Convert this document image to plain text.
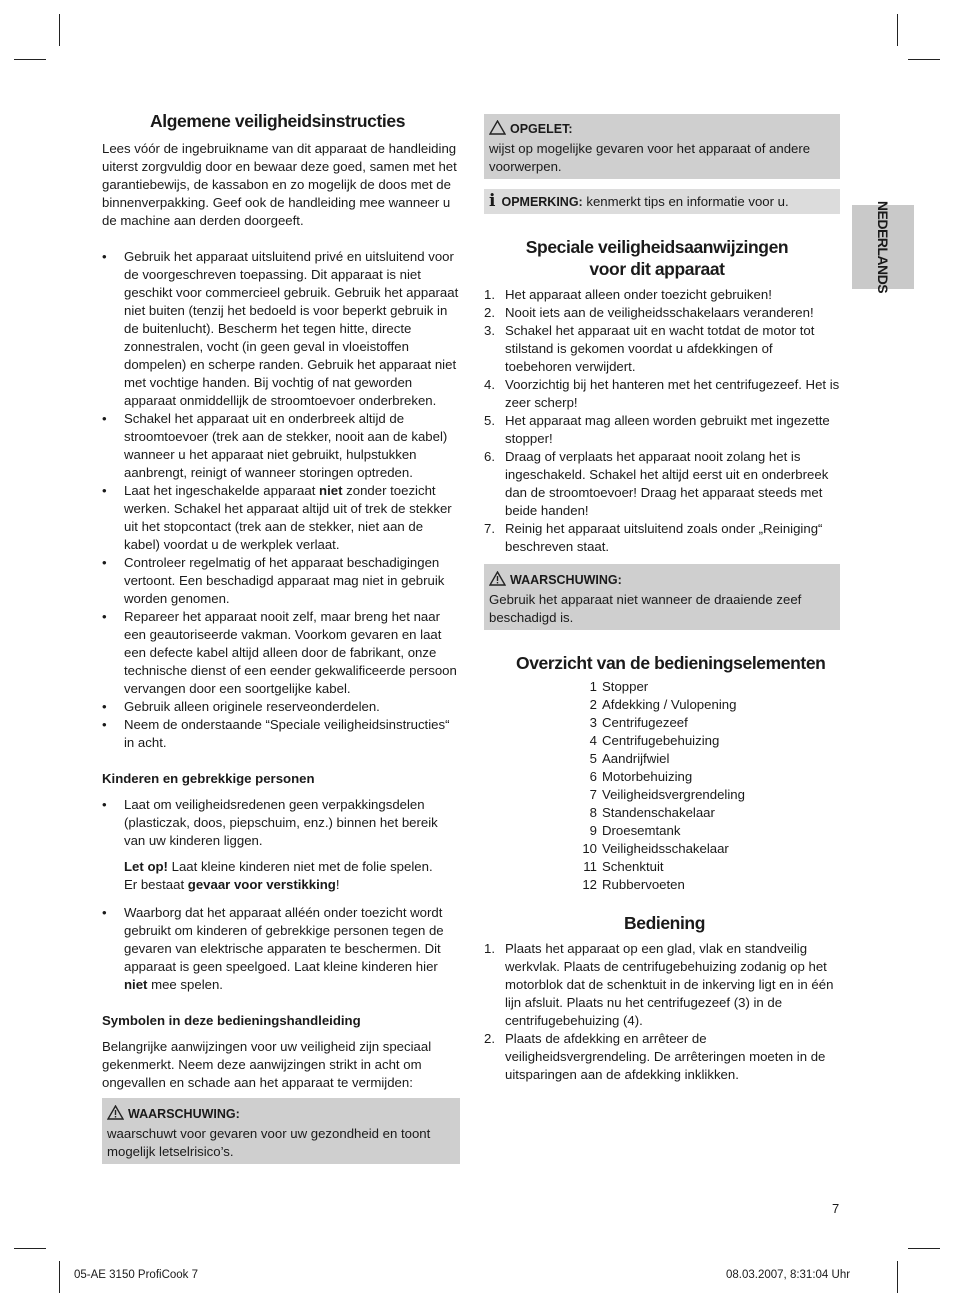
Algemene veiligheidsinstructies

Lees vóór de ingebruikname van dit apparaat de handleiding uiterst zorgvuldig door en bewaar deze goed, samen met het garantiebewijs, de kassabon en zo mogelijk de doos met de binnenverpakking. Geef ook de handleiding mee wanneer u de machine aan derden doorgeeft.

• Gebruik het apparaat uitsluitend privé en uitsluitend voor de voorgeschreven toepassing. Dit apparaat is niet geschikt voor commercieel gebruik. Gebruik het apparaat niet buiten (tenzij het bedoeld is voor beperkt gebruik in de buitenlucht). Bescherm het tegen hitte, directe zonnestralen, vocht (in geen geval in vloeistoffen dompelen) en scherpe randen. Gebruik het apparaat niet met vochtige handen. Bij vochtig of nat geworden apparaat onmiddellijk de stroomtoevoer onderbreken.
• Schakel het apparaat uit en onderbreek altijd de stroomtoevoer (trek aan de stekker, nooit aan de kabel) wanneer u het apparaat niet gebruikt, hulpstukken aanbrengt, reinigt of wanneer storingen optreden.
• Laat het ingeschakelde apparaat niet zonder toezicht werken. Schakel het apparaat altijd uit of trek de stekker uit het stopcontact (trek aan de stekker, niet aan de kabel) voordat u de werkplek verlaat.
• Controleer regelmatig of het apparaat beschadigingen vertoont. Een beschadigd apparaat mag niet in gebruik worden genomen.
• Repareer het apparaat nooit zelf, maar breng het naar een geautoriseerde vakman. Voorkom gevaren en laat een defecte kabel altijd alleen door de fabrikant, onze technische dienst of een eender gekwalificeerde persoon vervangen door een soortgelijke kabel.
• Gebruik alleen originele reserveonderdelen.
• Neem de onderstaande “Speciale veiligheidsinstructies“ in acht.
Kinderen en gebrekkige personen
• Laat om veiligheidsredenen geen verpakkingsdelen (plasticzak, doos, piepschuim, enz.) binnen het bereik van uw kinderen liggen.
Let op! Laat kleine kinderen niet met de folie spelen.
Er bestaat gevaar voor verstikking!
• Waarborg dat het apparaat alléén onder toezicht wordt gebruikt om kinderen of gebrekkige personen tegen de gevaren van elektrische apparaten te beschermen. Dit apparaat is geen speelgoed. Laat kleine kinderen hier niet mee spelen.
Symbolen in deze bedieningshandleiding

Belangrijke aanwijzingen voor uw veiligheid zijn speciaal gekenmerkt. Neem deze aanwijzingen strikt in acht om ongevallen en schade aan het apparaat te vermijden:

WAARSCHUWING:
waarschuwt voor gevaren voor uw gezondheid en toont mogelijk letselrisico’s.
OPGELET:
wijst op mogelijke gevaren voor het apparaat of andere voorwerpen.
i OPMERKING: kenmerkt tips en informatie voor u.
Speciale veiligheidsaanwijzingen
voor dit apparaat
1. Het apparaat alleen onder toezicht gebruiken!
2. Nooit iets aan de veiligheidsschakelaars veranderen!
3. Schakel het apparaat uit en wacht totdat de motor tot stilstand is gekomen voordat u afdekkingen of toebehoren verwijdert.
4. Voorzichtig bij het hanteren met het centrifugezeef. Het is zeer scherp!
5. Het apparaat mag alleen worden gebruikt met ingezette stopper!
6. Draag of verplaats het apparaat nooit zolang het is ingeschakeld. Schakel het altijd eerst uit en onderbreek dan de stroomtoevoer! Draag het apparaat steeds met beide handen!
7. Reinig het apparaat uitsluitend zoals onder „Reiniging“ beschreven staat.
WAARSCHUWING:
Gebruik het apparaat niet wanneer de draaiende zeef beschadigd is.
Overzicht van de bedieningselementen
1 Stopper
2 Afdekking / Vulopening
3 Centrifugezeef
4 Centrifugebehuizing
5 Aandrijfwiel
6 Motorbehuizing
7 Veiligheidsvergrendeling
8 Standenschakelaar
9 Droesemtank
10 Veiligheidsschakelaar
11 Schenktuit
12 Rubbervoeten
Bediening
1. Plaats het apparaat op een glad, vlak en standveilig werkvlak. Plaats de centrifugebehuizing zodanig op het motorblok dat de schenktuit in de inkerving ligt en in één lijn afsluit. Plaats nu het centrifugezeef (3) in de centrifugebehuizing (4).
2. Plaats de afdekking en arrêteer de veiligheidsvergrendeling. De arrêteringen moeten in de uitsparingen aan de afdekking inklikken.
NEDERLANDS
7
05-AE 3150 ProfiCook 7	08.03.2007, 8:31:04 Uhr
